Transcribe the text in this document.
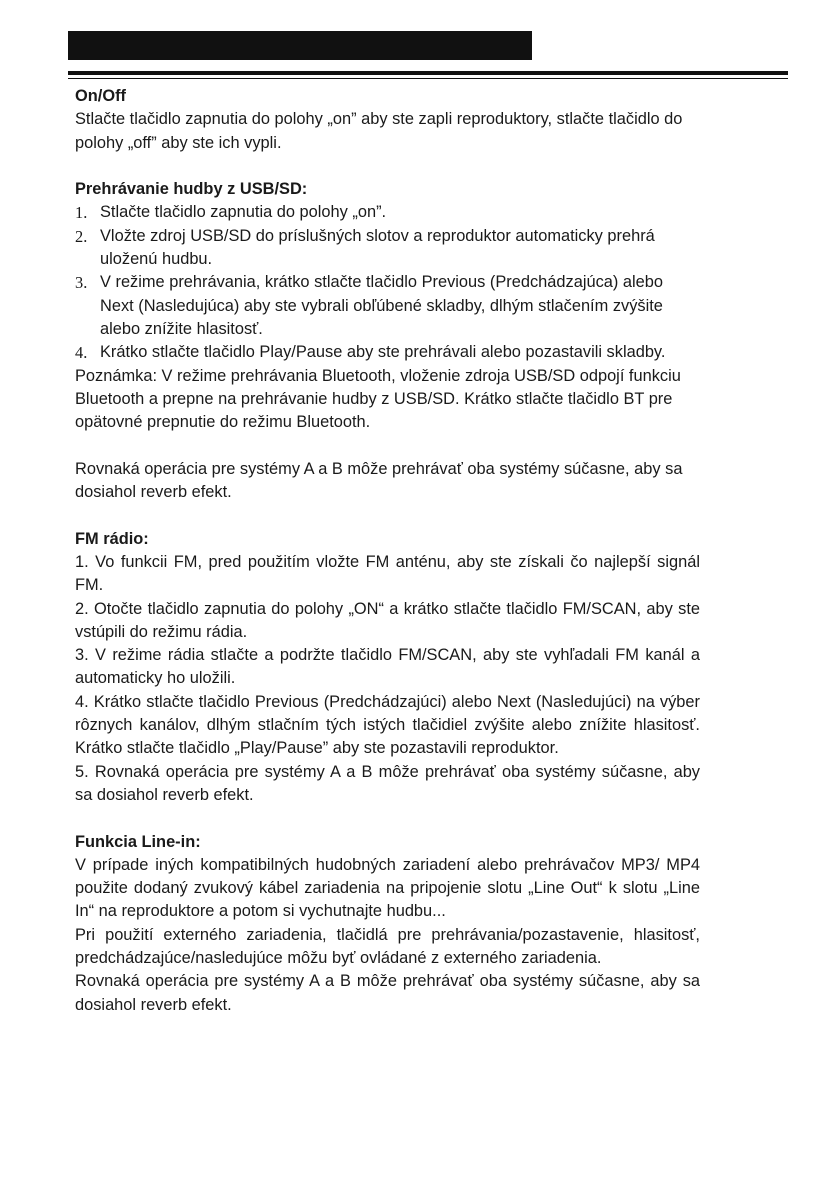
On/Off

Stlačte tlačidlo zapnutia do polohy „on” aby ste zapli reproduktory, stlačte tlačidlo do polohy „off” aby ste ich vypli.

Prehrávanie hudby z USB/SD:
1. Stlačte tlačidlo zapnutia do polohy „on”.
2. Vložte zdroj USB/SD do príslušných slotov a reproduktor automaticky prehrá uloženú hudbu.
3. V režime prehrávania, krátko stlačte tlačidlo Previous (Predchádzajúca) alebo Next (Nasledujúca) aby ste vybrali obľúbené skladby, dlhým stlačením zvýšite alebo znížite hlasitosť.
4. Krátko stlačte tlačidlo Play/Pause aby ste prehrávali alebo pozastavili skladby.

Poznámka: V režime prehrávania Bluetooth, vloženie zdroja USB/SD odpojí funkciu Bluetooth a prepne na prehrávanie hudby z USB/SD. Krátko stlačte tlačidlo BT pre opätovné prepnutie do režimu Bluetooth.

Rovnaká operácia pre systémy A a B môže prehrávať oba systémy súčasne, aby sa dosiahol reverb efekt.

FM rádio:

1. Vo funkcii FM, pred použitím vložte FM anténu, aby ste získali čo najlepší signál FM.

2. Otočte tlačidlo zapnutia do polohy „ON“ a krátko stlačte tlačidlo FM/SCAN, aby ste vstúpili do režimu rádia.

3. V režime rádia stlačte a podržte tlačidlo FM/SCAN, aby ste vyhľadali FM kanál a automaticky ho uložili.

4. Krátko stlačte tlačidlo Previous (Predchádzajúci) alebo Next (Nasledujúci) na výber rôznych kanálov, dlhým stlačním tých istých tlačidiel zvýšite alebo znížite hlasitosť. Krátko stlačte tlačidlo „Play/Pause” aby ste pozastavili reproduktor.

5. Rovnaká operácia pre systémy A a B môže prehrávať oba systémy súčasne, aby sa dosiahol reverb efekt.

Funkcia Line-in:

V prípade iných kompatibilných hudobných zariadení alebo prehrávačov MP3/ MP4 použite dodaný zvukový kábel zariadenia na pripojenie slotu „Line Out“ k slotu „Line In“ na reproduktore a potom si vychutnajte hudbu...

Pri použití externého zariadenia, tlačidlá pre prehrávania/pozastavenie, hlasitosť, predchádzajúce/nasledujúce môžu byť ovládané z externého zariadenia.

Rovnaká operácia pre systémy A a B môže prehrávať oba systémy súčasne, aby sa dosiahol reverb efekt.
